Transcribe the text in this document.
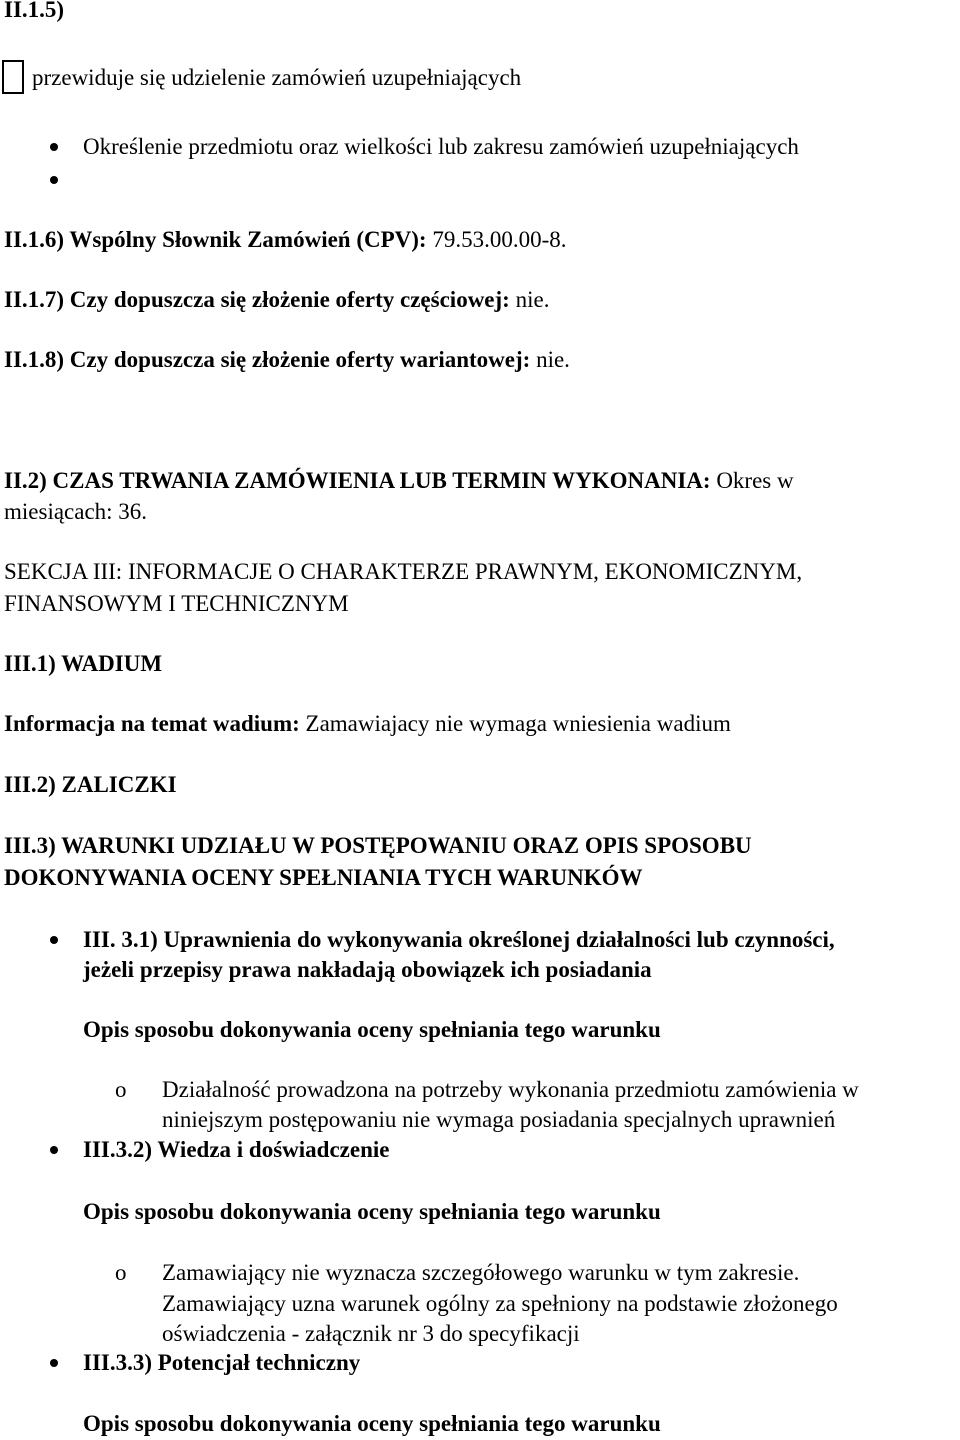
II.1.5)
przewiduje się udzielenie zamówień uzupełniających
Określenie przedmiotu oraz wielkości lub zakresu zamówień uzupełniających
II.1.6) Wspólny Słownik Zamówień (CPV): 79.53.00.00-8.
II.1.7) Czy dopuszcza się złożenie oferty częściowej: nie.
II.1.8) Czy dopuszcza się złożenie oferty wariantowej: nie.
II.2) CZAS TRWANIA ZAMÓWIENIA LUB TERMIN WYKONANIA: Okres w
miesiącach: 36.
SEKCJA III: INFORMACJE O CHARAKTERZE PRAWNYM, EKONOMICZNYM,
FINANSOWYM I TECHNICZNYM
III.1) WADIUM
Informacja na temat wadium: Zamawiajacy nie wymaga wniesienia wadium
III.2) ZALICZKI
III.3) WARUNKI UDZIAŁU W POSTĘPOWANIU ORAZ OPIS SPOSOBU
DOKONYWANIA OCENY SPEŁNIANIA TYCH WARUNKÓW
III. 3.1) Uprawnienia do wykonywania określonej działalności lub czynności,
jeżeli przepisy prawa nakładają obowiązek ich posiadania
Opis sposobu dokonywania oceny spełniania tego warunku
o Działalność prowadzona na potrzeby wykonania przedmiotu zamówienia w
niniejszym postępowaniu nie wymaga posiadania specjalnych uprawnień
III.3.2) Wiedza i doświadczenie
Opis sposobu dokonywania oceny spełniania tego warunku
o Zamawiający nie wyznacza szczegółowego warunku w tym zakresie.
Zamawiający uzna warunek ogólny za spełniony na podstawie złożonego
oświadczenia - załącznik nr 3 do specyfikacji
III.3.3) Potencjał techniczny
Opis sposobu dokonywania oceny spełniania tego warunku
